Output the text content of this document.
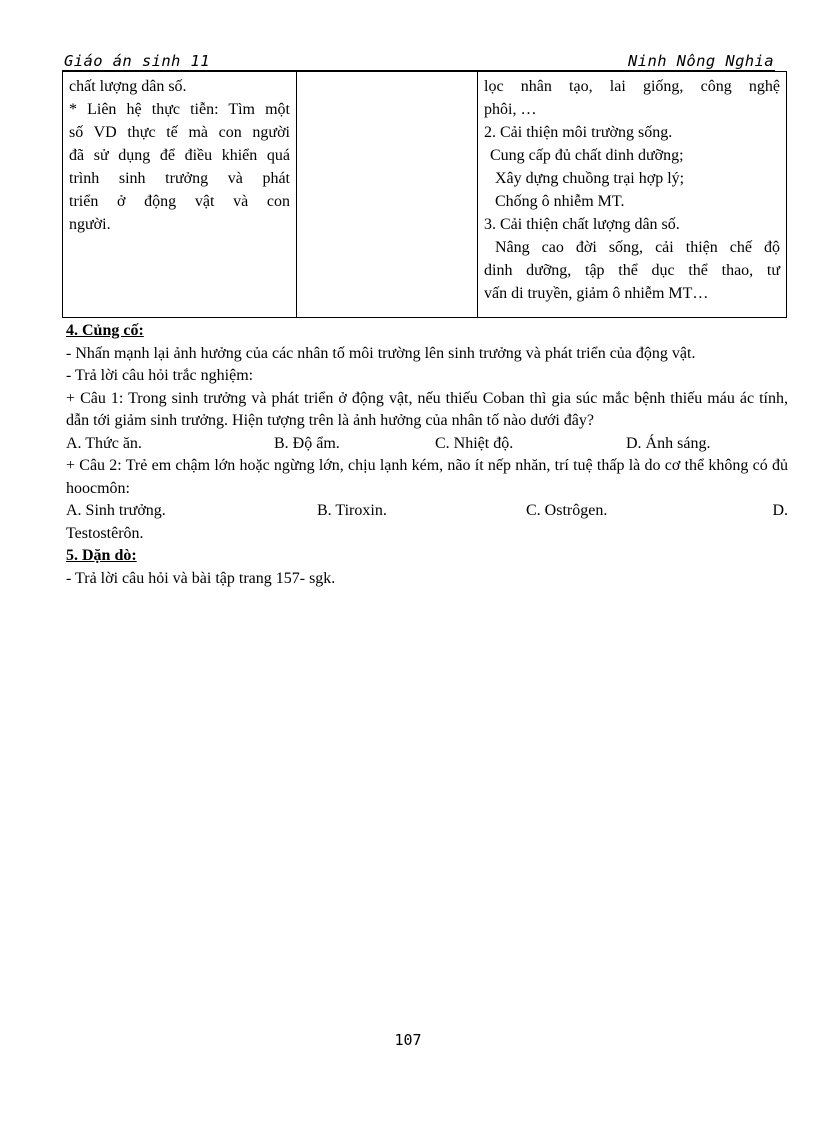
Giáo án sinh 11	Ninh Nông Nghia
chất lượng dân số.
* Liên hệ thực tiễn: Tìm một
số VD thực tế mà con người
đã sử dụng để điều khiển quá
trình sinh trưởng và phát
triển ở động vật và con
người.

lọc nhân tạo, lai giống, công nghệ
phôi, …
2. Cải thiện môi trường sống.
Cung cấp đủ chất dinh dưỡng;
Xây dựng chuồng trại hợp lý;
Chống ô nhiễm MT.
3. Cải thiện chất lượng dân số.
Nâng cao đời sống, cải thiện chế độ
dinh dưỡng, tập thể dục thể thao, tư
vấn di truyền, giảm ô nhiễm MT…
4. Củng cố:
- Nhấn mạnh lại ảnh hưởng của các nhân tố môi trường lên sinh trưởng và phát triển của động vật.
- Trả lời câu hỏi trắc nghiệm:
+ Câu 1: Trong sinh trưởng và phát triển ở động vật, nếu thiếu Coban thì gia súc mắc bệnh thiếu máu ác tính, dẫn tới giảm sinh trưởng. Hiện tượng trên là ảnh hưởng của nhân tố nào dưới đây?
A. Thức ăn.	B. Độ ẩm.	C. Nhiệt độ.	D. Ánh sáng.
+ Câu 2: Trẻ em chậm lớn hoặc ngừng lớn, chịu lạnh kém, não ít nếp nhăn, trí tuệ thấp là do cơ thể không có đủ hoocmôn:
A. Sinh trưởng.	B. Tiroxin.	C. Ostrôgen.	D.
Testostêrôn.
5. Dặn dò:
- Trả lời câu hỏi và bài tập trang 157- sgk.
107
